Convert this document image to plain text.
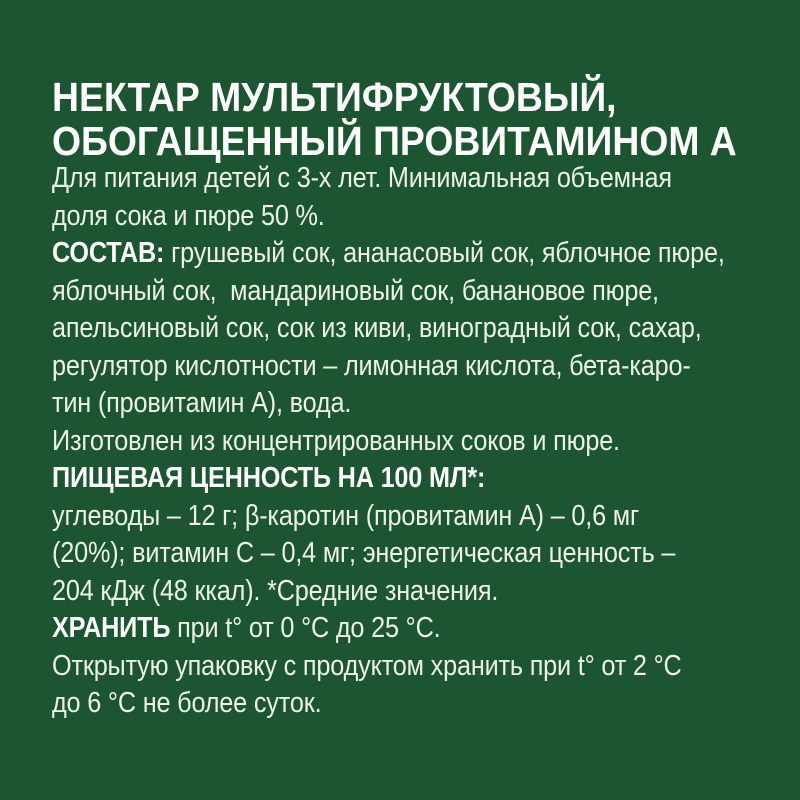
НЕКТАР МУЛЬТИФРУКТОВЫЙ,
ОБОГАЩЕННЫЙ ПРОВИТАМИНОМ А
Для питания детей с 3-х лет. Минимальная объемная
доля сока и пюре 50 %.
СОСТАВ: грушевый сок, ананасовый сок, яблочное пюре,
яблочный сок,  мандариновый сок, банановое пюре,
апельсиновый сок, сок из киви, виноградный сок, сахар,
регулятор кислотности – лимонная кислота, бета-каро-
тин (провитамин А), вода.
Изготовлен из концентрированных соков и пюре.
ПИЩЕВАЯ ЦЕННОСТЬ НА 100 МЛ*:
углеводы – 12 г; β-каротин (провитамин А) – 0,6 мг
(20%); витамин С – 0,4 мг; энергетическая ценность –
204 кДж (48 ккал). *Средние значения.
ХРАНИТЬ при t° от 0 °С до 25 °С.
Открытую упаковку с продуктом хранить при t° от 2 °С
до 6 °С не более суток.
